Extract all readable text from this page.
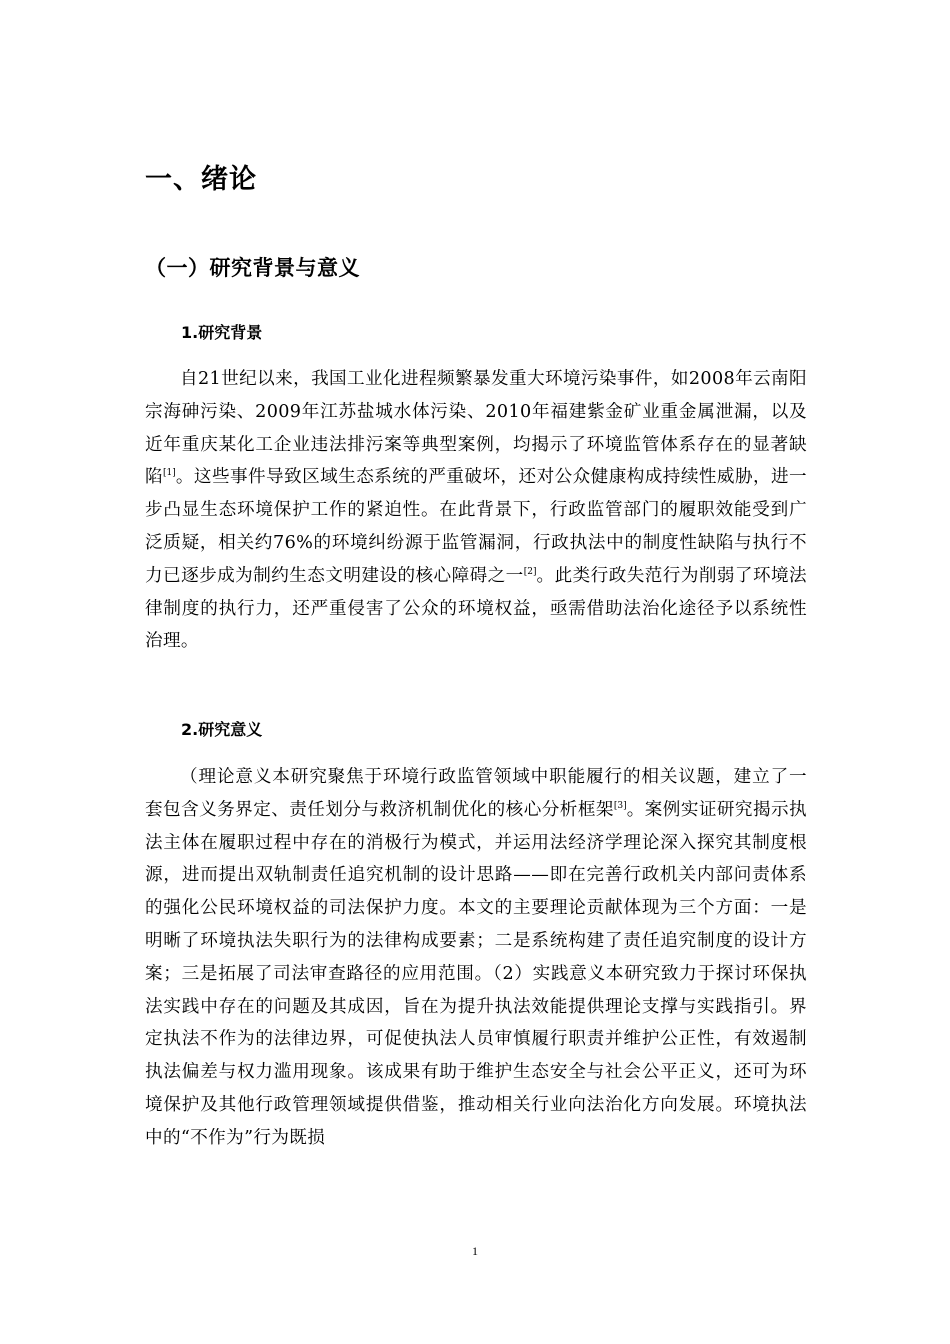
一、绪论
（一）研究背景与意义
1.研究背景

自21世纪以来，我国工业化进程频繁暴发重大环境污染事件，如2008年云南阳宗海砷污染、2009年江苏盐城水体污染、2010年福建紫金矿业重金属泄漏，以及近年重庆某化工企业违法排污案等典型案例，均揭示了环境监管体系存在的显著缺陷[1]。这些事件导致区域生态系统的严重破坏，还对公众健康构成持续性威胁，进一步凸显生态环境保护工作的紧迫性。在此背景下，行政监管部门的履职效能受到广泛质疑，相关约76%的环境纠纷源于监管漏洞，行政执法中的制度性缺陷与执行不力已逐步成为制约生态文明建设的核心障碍之一[2]。此类行政失范行为削弱了环境法律制度的执行力，还严重侵害了公众的环境权益，亟需借助法治化途径予以系统性治理。

2.研究意义

（理论意义本研究聚焦于环境行政监管领域中职能履行的相关议题，建立了一套包含义务界定、责任划分与救济机制优化的核心分析框架[3]。案例实证研究揭示执法主体在履职过程中存在的消极行为模式，并运用法经济学理论深入探究其制度根源，进而提出双轨制责任追究机制的设计思路——即在完善行政机关内部问责体系的强化公民环境权益的司法保护力度。本文的主要理论贡献体现为三个方面：一是明晰了环境执法失职行为的法律构成要素；二是系统构建了责任追究制度的设计方案；三是拓展了司法审查路径的应用范围。（2）实践意义本研究致力于探讨环保执法实践中存在的问题及其成因，旨在为提升执法效能提供理论支撑与实践指引。界定执法不作为的法律边界，可促使执法人员审慎履行职责并维护公正性，有效遏制执法偏差与权力滥用现象。该成果有助于维护生态安全与社会公平正义，还可为环境保护及其他行政管理领域提供借鉴，推动相关行业向法治化方向发展。环境执法中的“不作为”行为既损

1
